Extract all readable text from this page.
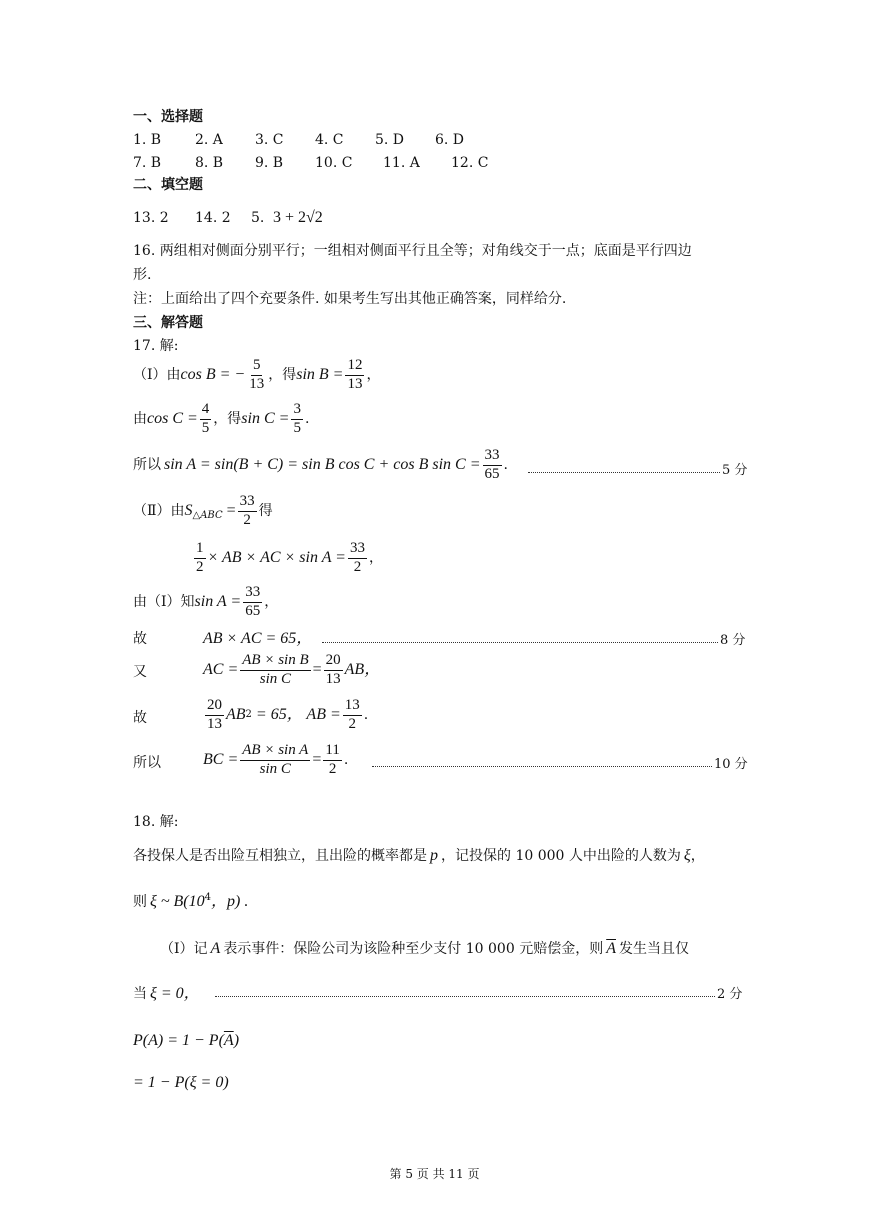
一、选择题
1. B 2. A 3. C 4. C 5. D 6. D
7. B 8. B 9. B 10. C 11. A 12. C
二、填空题
13. 2 14. 2 5. 3 + 2√2
16. 两组相对侧面分别平行；一组相对侧面平行且全等；对角线交于一点；底面是平行四边
形.
注：上面给出了四个充要条件. 如果考生写出其他正确答案，同样给分.
三、解答题
17. 解:
（Ⅰ）由 cos B = − $\frac{5}{13}$ ，得 $\sin B = \frac{12}{13}$ ，
由 $\cos C = \frac{4}{5}$ ，得 $\sin C = \frac{3}{5}$ .
所以 sin A = sin(B + C) = sin B cos C + cos B $\sin C = \frac{33}{65}$ .	5 分
（Ⅱ）由 S △ABC = $\frac{33}{2}$ 得
$\frac{1}{2}$ × AB × AC × $\sin A = \frac{33}{2}$ ，
由（Ⅰ）知 $\sin A = \frac{33}{65}$ ，
故	AB × AC = 65，	8 分
又	AC = $\frac{\text{AB × sin B}}{\text{sin C}} = \frac{20}{13}$ AB，
故	$\frac{20}{13}$ AB 2 = 65， AB = $\frac{13}{2}$ .
所以	BC = $\frac{\text{AB × sin A}}{\text{sin C}} = \frac{11}{2}$ .	10 分
18. 解:
各投保人是否出险互相独立，且出险的概率都是 p ，记投保的 10 000 人中出险的人数为 ξ，
则 ξ ~ $B(10^4$，p) .
（Ⅰ）记 A 表示事件：保险公司为该险种至少支付 10 000 元赔偿金，则 $\overline{A}$ 发生当且仅
当 ξ = 0，	2 分
$P(A) = 1 - P(\overline{A})$
= 1 − P(ξ = 0)
第 5 页 共 11 页
